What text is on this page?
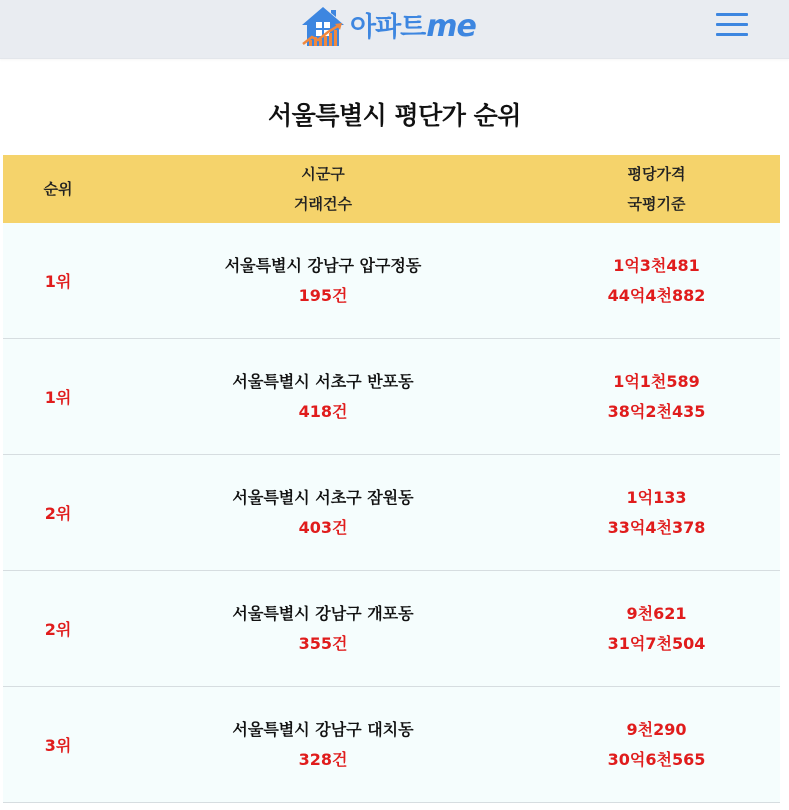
아파트me
서울특별시 평단가 순위
순위
시군구
거래건수
평당가격
국평기준
1위
서울특별시 강남구 압구정동
195건
1억3천481
44억4천882
1위
서울특별시 서초구 반포동
418건
1억1천589
38억2천435
2위
서울특별시 서초구 잠원동
403건
1억133
33억4천378
2위
서울특별시 강남구 개포동
355건
9천621
31억7천504
3위
서울특별시 강남구 대치동
328건
9천290
30억6천565
